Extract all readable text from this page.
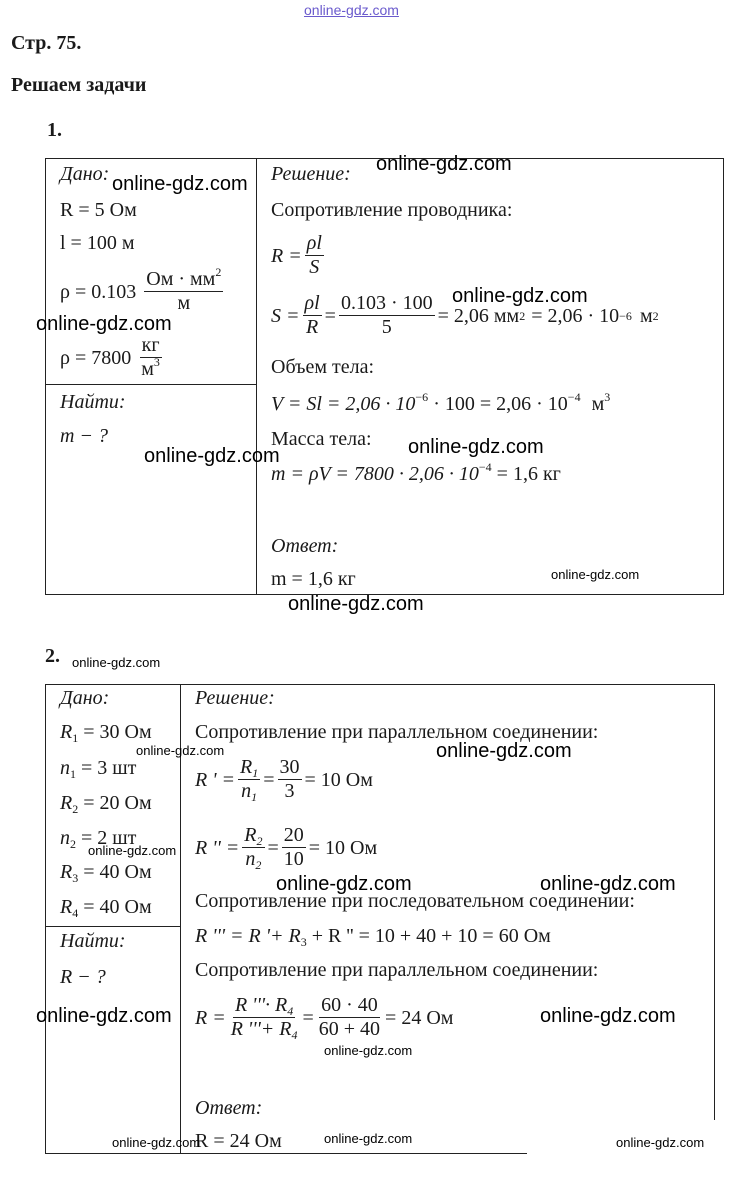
online-gdz.com
Стр. 75.
Решаем задачи
1.
Дано:
R = 5 Ом
l = 100 м
$\rho = 0.103 \frac{Ом \cdot мм^2}{м}$
$\rho = 7800 \frac{кг}{м^3}$
Найти:
m − ?
Решение:
Сопротивление проводника:
$R = \frac{\rho l}{S}$
$S = \frac{\rho l}{R} = \frac{0.103 \cdot 100}{5} = 2,06$ мм 2 = 2,06 · 10 −6 м 2
Объем тела:
$V = Sl = 2,06 \cdot 10^{-6} \cdot 100 = 2,06 \cdot 10^{-4}$ $м^3$
Масса тела:
$m = \rho V = 7800 \cdot 2,06 \cdot 10^{-4} = 1,6$ кг
Ответ:
m = 1,6 кг
2.
Дано:
$R_1 = 30$ Ом
$n_1 = 3$ шт
$R_2 = 20$ Ом
$n_2 = 2$ шт
$R_3 = 40$ Ом
$R_4 = 40$ Ом
Найти:
R − ?
Решение:
Сопротивление при параллельном соединении:
R ' = $\frac{R_1}{n_1} = \frac{30}{3} = 10$ Ом
R '' = $\frac{R_2}{n_2} = \frac{20}{10} = 10$ Ом
Сопротивление при последовательном соединении:
R ''' = R '+ $R_3 + R$ '' = 10 + 40 + 10 = 60 Ом
Сопротивление при параллельном соединении:
$R = \frac{R '''\cdot R_4}{R '''+ R_4} = \frac{60 \cdot 40}{60 + 40} = 24$ Ом
Ответ:
R = 24 Ом
online-gdz.com
online-gdz.com
online-gdz.com
online-gdz.com
online-gdz.com
online-gdz.com
online-gdz.com
online-gdz.com
online-gdz.com
online-gdz.com	online-gdz.com
online-gdz.com
online-gdz.com	online-gdz.com
online-gdz.com	online-gdz.com
online-gdz.com
online-gdz.com	online-gdz.com	online-gdz.com
